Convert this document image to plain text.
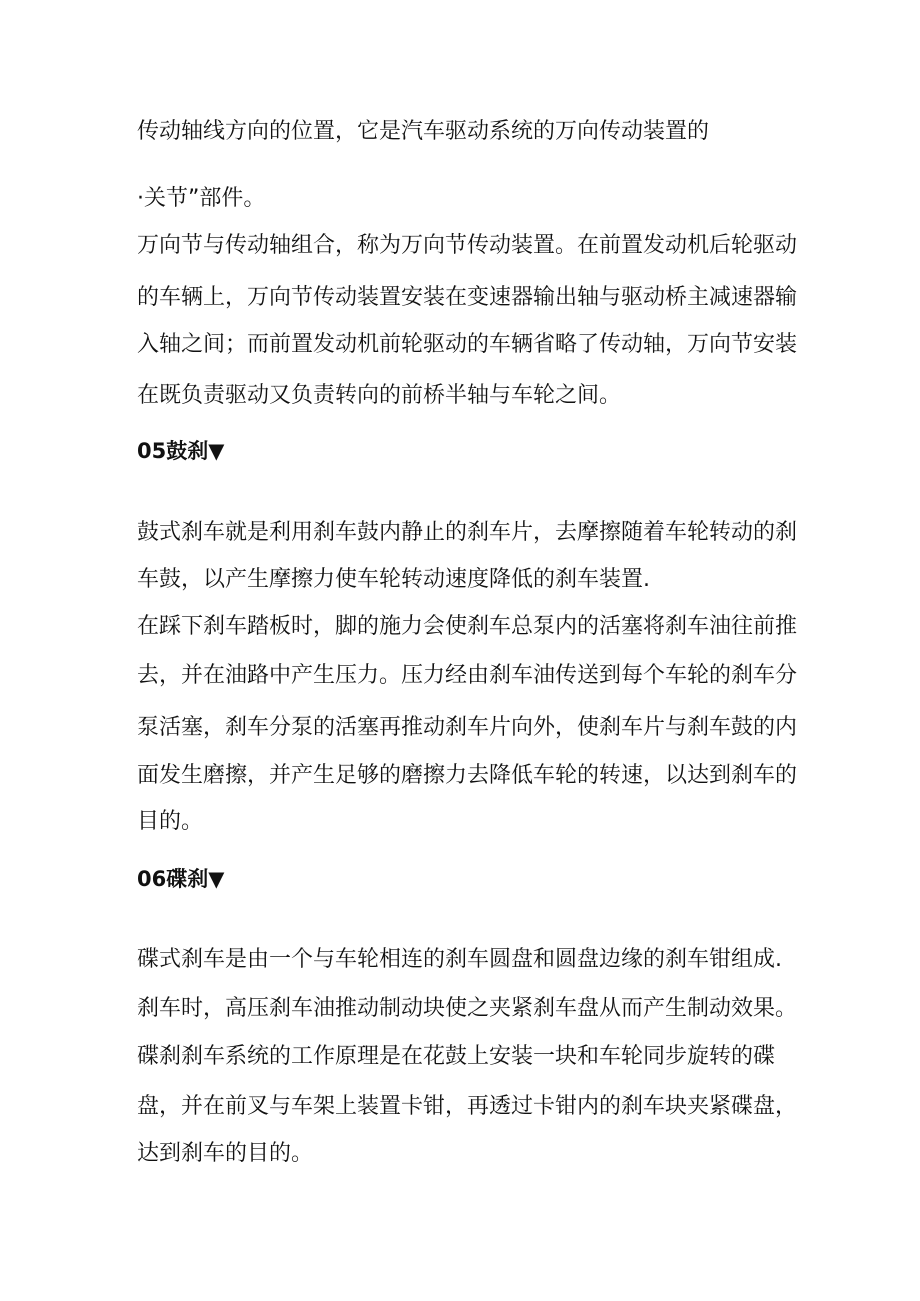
传动轴线方向的位置，它是汽车驱动系统的万向传动装置的
·关节”部件。
万向节与传动轴组合，称为万向节传动装置。在前置发动机后轮驱动
的车辆上，万向节传动装置安装在变速器输出轴与驱动桥主减速器输
入轴之间；而前置发动机前轮驱动的车辆省略了传动轴，万向节安装
在既负责驱动又负责转向的前桥半轴与车轮之间。
05鼓刹▼
鼓式刹车就是利用刹车鼓内静止的刹车片，去摩擦随着车轮转动的刹
车鼓，以产生摩擦力使车轮转动速度降低的刹车装置.
在踩下刹车踏板时，脚的施力会使刹车总泵内的活塞将刹车油往前推
去，并在油路中产生压力。压力经由刹车油传送到每个车轮的刹车分
泵活塞，刹车分泵的活塞再推动刹车片向外，使刹车片与刹车鼓的内
面发生磨擦，并产生足够的磨擦力去降低车轮的转速，以达到刹车的
目的。
06碟刹▼
碟式刹车是由一个与车轮相连的刹车圆盘和圆盘边缘的刹车钳组成.
刹车时，高压刹车油推动制动块使之夹紧刹车盘从而产生制动效果。
碟刹刹车系统的工作原理是在花鼓上安装一块和车轮同步旋转的碟
盘，并在前叉与车架上装置卡钳，再透过卡钳内的刹车块夹紧碟盘，
达到刹车的目的。
